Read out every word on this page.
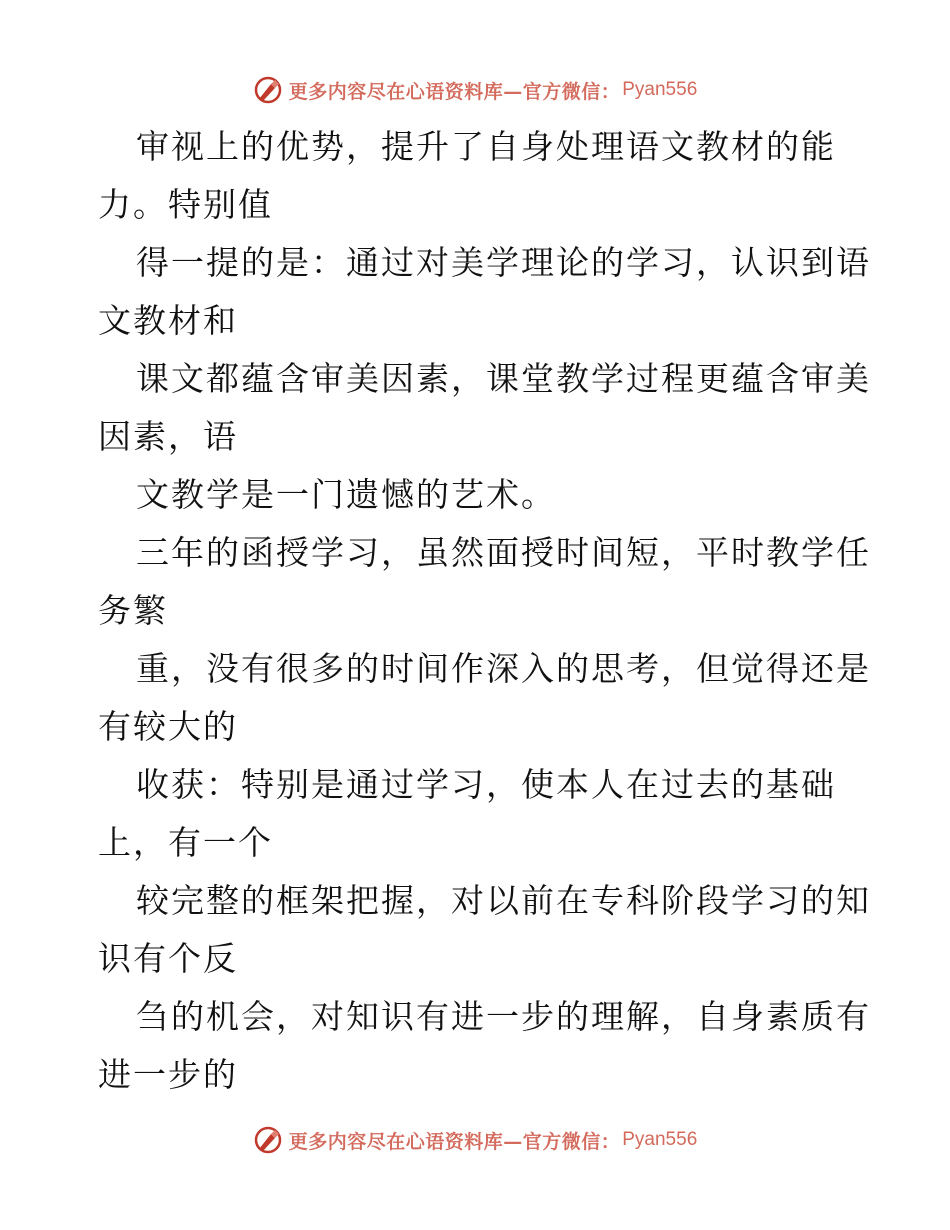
更多内容尽在心语资料库—官方微信： Pyan556
审视上的优势，提升了自身处理语文教材的能
力。特别值
得一提的是：通过对美学理论的学习，认识到语
文教材和
课文都蕴含审美因素，课堂教学过程更蕴含审美
因素，语
文教学是一门遗憾的艺术。
三年的函授学习，虽然面授时间短，平时教学任
务繁
重，没有很多的时间作深入的思考，但觉得还是
有较大的
收获：特别是通过学习，使本人在过去的基础
上，有一个
较完整的框架把握，对以前在专科阶段学习的知
识有个反
刍的机会，对知识有进一步的理解，自身素质有
进一步的
更多内容尽在心语资料库—官方微信： Pyan556
